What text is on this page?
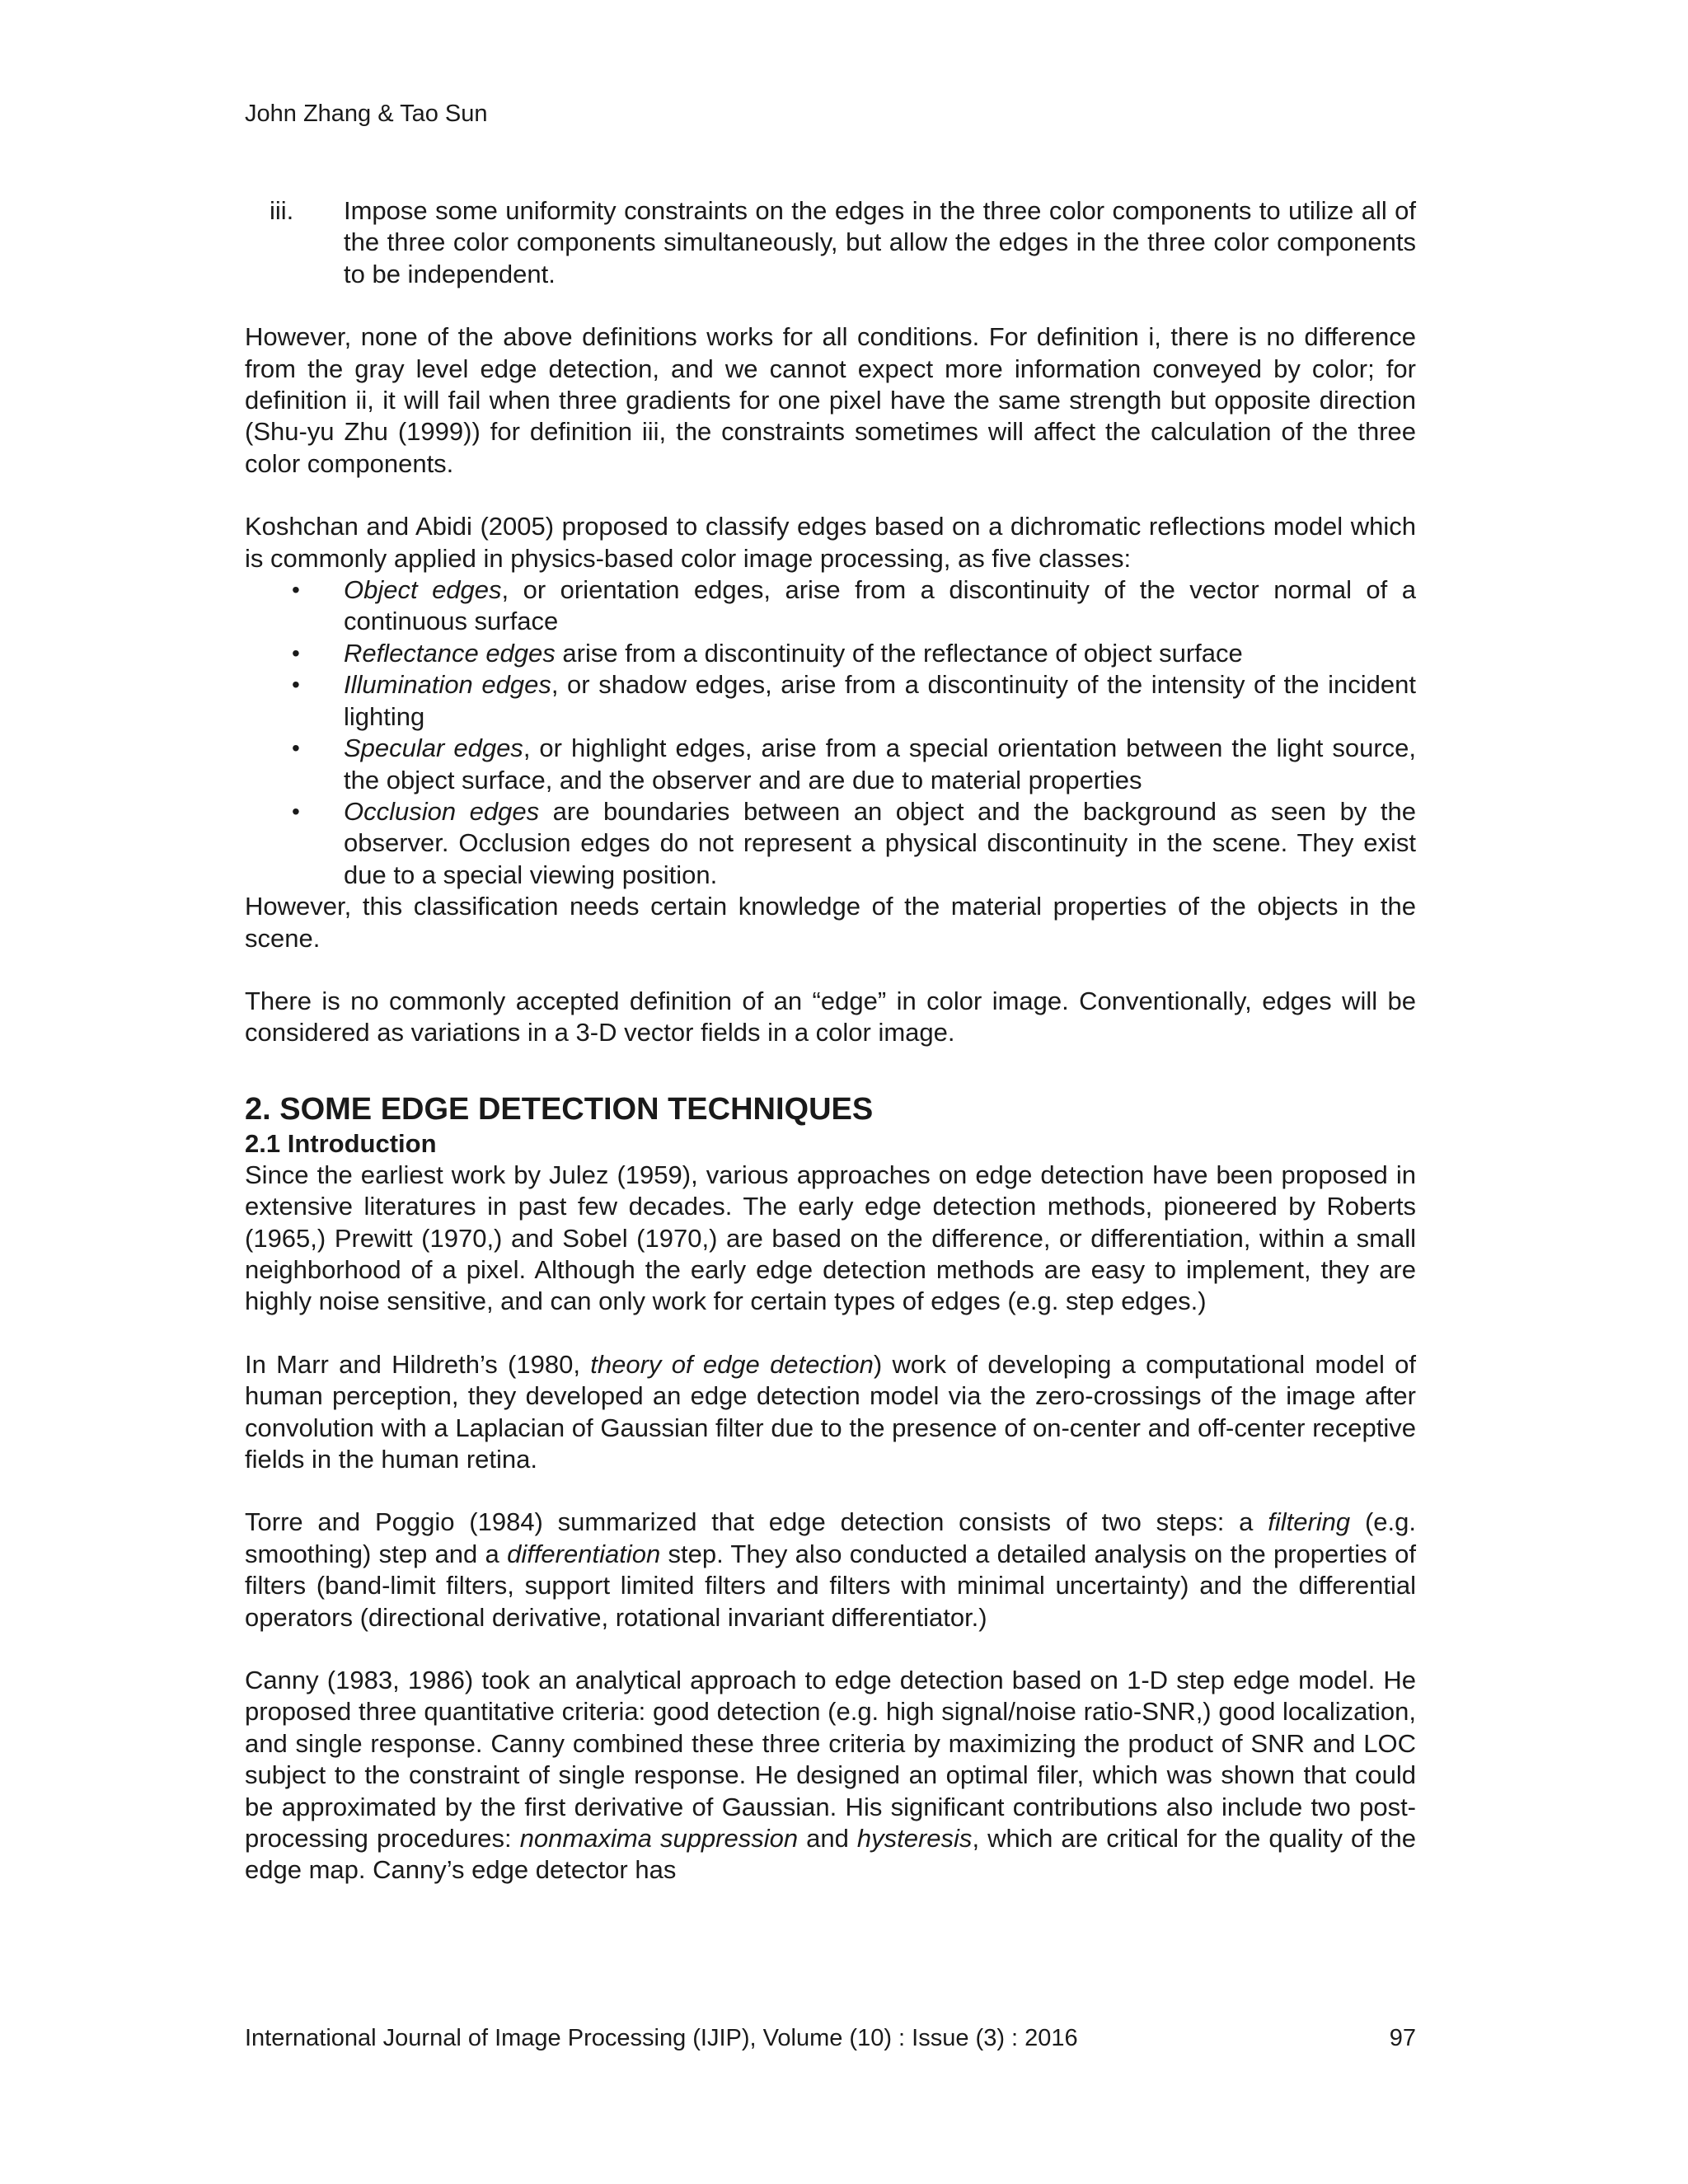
John Zhang & Tao Sun
iii.	Impose some uniformity constraints on the edges in the three color components to utilize all of the three color components simultaneously, but allow the edges in the three color components to be independent.

However, none of the above definitions works for all conditions. For definition i, there is no difference from the gray level edge detection, and we cannot expect more information conveyed by color; for definition ii, it will fail when three gradients for one pixel have the same strength but opposite direction (Shu-yu Zhu (1999)) for definition iii, the constraints sometimes will affect the calculation of the three color components.

Koshchan and Abidi (2005) proposed to classify edges based on a dichromatic reflections model which is commonly applied in physics-based color image processing, as five classes:

•	Object edges, or orientation edges, arise from a discontinuity of the vector normal of a continuous surface
•	Reflectance edges arise from a discontinuity of the reflectance of object surface
•	Illumination edges, or shadow edges, arise from a discontinuity of the intensity of the incident lighting
•	Specular edges, or highlight edges, arise from a special orientation between the light source, the object surface, and the observer and are due to material properties
•	Occlusion edges are boundaries between an object and the background as seen by the observer. Occlusion edges do not represent a physical discontinuity in the scene. They exist due to a special viewing position.

However, this classification needs certain knowledge of the material properties of the objects in the scene.

There is no commonly accepted definition of an “edge” in color image. Conventionally, edges will be considered as variations in a 3-D vector fields in a color image.

2. SOME EDGE DETECTION TECHNIQUES
2.1 Introduction

Since the earliest work by Julez (1959), various approaches on edge detection have been proposed in extensive literatures in past few decades. The early edge detection methods, pioneered by Roberts (1965,) Prewitt (1970,) and Sobel (1970,) are based on the difference, or differentiation, within a small neighborhood of a pixel. Although the early edge detection methods are easy to implement, they are highly noise sensitive, and can only work for certain types of edges (e.g. step edges.)

In Marr and Hildreth’s (1980, theory of edge detection) work of developing a computational model of human perception, they developed an edge detection model via the zero-crossings of the image after convolution with a Laplacian of Gaussian filter due to the presence of on-center and off-center receptive fields in the human retina.

Torre and Poggio (1984) summarized that edge detection consists of two steps: a filtering (e.g. smoothing) step and a differentiation step. They also conducted a detailed analysis on the properties of filters (band-limit filters, support limited filters and filters with minimal uncertainty) and the differential operators (directional derivative, rotational invariant differentiator.)

Canny (1983, 1986) took an analytical approach to edge detection based on 1-D step edge model. He proposed three quantitative criteria: good detection (e.g. high signal/noise ratio-SNR,) good localization, and single response. Canny combined these three criteria by maximizing the product of SNR and LOC subject to the constraint of single response. He designed an optimal filer, which was shown that could be approximated by the first derivative of Gaussian. His significant contributions also include two post-processing procedures: nonmaxima suppression and hysteresis, which are critical for the quality of the edge map. Canny’s edge detector has

International Journal of Image Processing (IJIP), Volume (10) : Issue (3) : 2016	97
